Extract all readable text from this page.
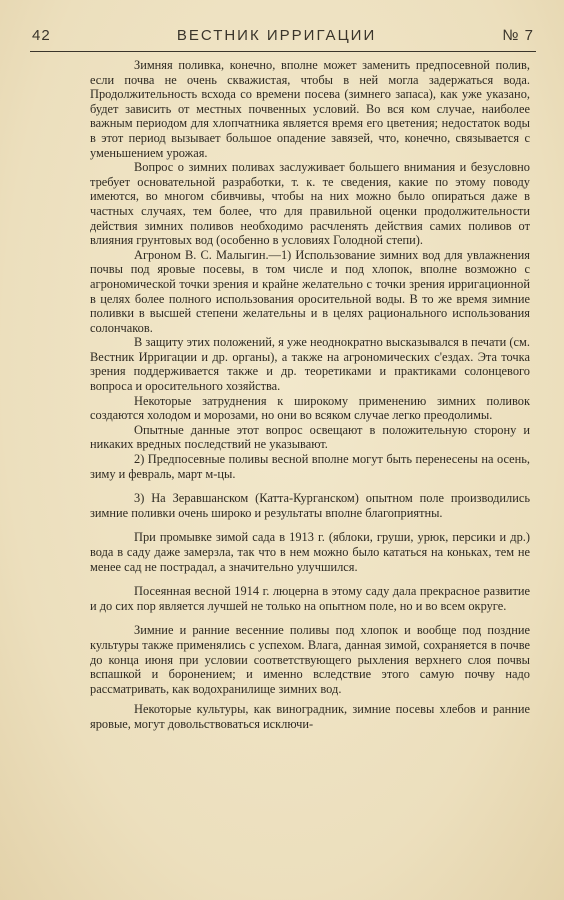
42	ВЕСТНИК ИРРИГАЦИИ	№ 7

Зимняя поливка, конечно, вполне может заменить предпосевной полив, если почва не очень скважистая, чтобы в ней могла задержаться вода. Продолжительность всхода со времени посева (зимнего запаса), как уже указано, будет зависить от местных почвенных условий. Во вся ком случае, наиболее важным периодом для хлопчатника является время его цветения; недостаток воды в этот период вызывает большое опадение завязей, что, конечно, связывается с уменьшением урожая.

Вопрос о зимних поливах заслуживает большего внимания и безусловно требует основательной разработки, т. к. те сведения, какие по этому поводу имеются, во многом сбивчивы, чтобы на них можно было опираться даже в частных случаях, тем более, что для правильной оценки продолжительности действия зимних поливов необходимо расчленять действия самих поливов от влияния грунтовых вод (особенно в условиях Голодной степи).

Агроном В. С. Малыгин.—1) Использование зимних вод для увлажнения почвы под яровые посевы, в том числе и под хлопок, вполне возможно с агрономической точки зрения и крайне желательно с точки зрения ирригационной в целях более полного использования оросительной воды. В то же время зимние поливки в высшей степени желательны и в целях рационального использования солончаков.

В защиту этих положений, я уже неоднократно высказывался в печати (см. Вестник Ирригации и др. органы), а также на агрономических с'ездах. Эта точка зрения поддерживается также и др. теоретиками и практиками солонцевого вопроса и оросительного хозяйства.

Некоторые затруднения к широкому применению зимних поливок создаются холодом и морозами, но они во всяком случае легко преодолимы.

Опытные данные этот вопрос освещают в положительную сторону и никаких вредных последствий не указывают.

2) Предпосевные поливы весной вполне могут быть перенесены на осень, зиму и февраль, март м-цы.

3) На Зеравшанском (Катта-Курганском) опытном поле производились зимние поливки очень широко и результаты вполне благоприятны.

При промывке зимой сада в 1913 г. (яблоки, груши, урюк, персики и др.) вода в саду даже замерзла, так что в нем можно было кататься на коньках, тем не менее сад не пострадал, а значительно улучшился.

Посеянная весной 1914 г. люцерна в этому саду дала прекрасное развитие и до сих пор является лучшей не только на опытном поле, но и во всем округе.

Зимние и ранние весенние поливы под хлопок и вообще под поздние культуры также применялись с успехом. Влага, данная зимой, сохраняется в почве до конца июня при условии соответствующего рыхления верхнего слоя почвы вспашкой и боронением; и именно вследствие этого самую почву надо рассматривать, как водохранилище зимних вод.

Некоторые культуры, как виноградник, зимние посевы хлебов и ранние яровые, могут довольствоваться исключи-
